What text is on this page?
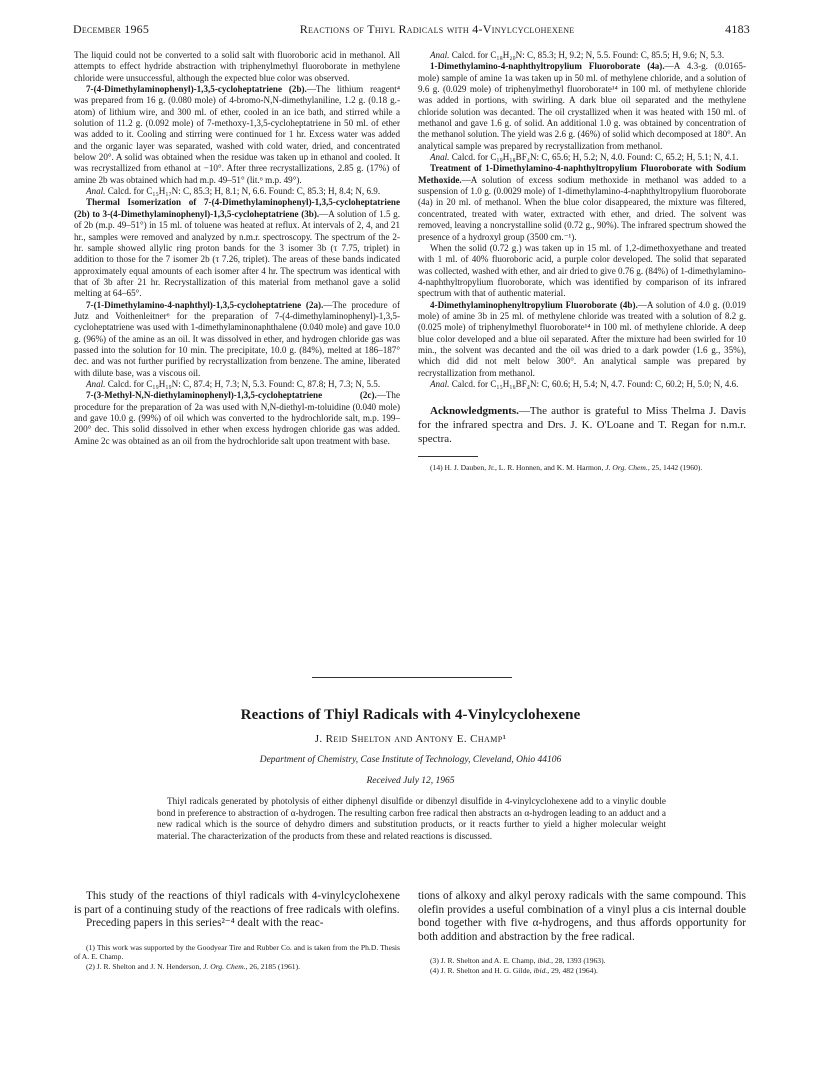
December 1965	Reactions of Thiyl Radicals with 4-Vinylcyclohexene	4183

The liquid could not be converted to a solid salt with fluoroboric acid in methanol. All attempts to effect hydride abstraction with triphenylmethyl fluoroborate in methylene chloride were unsuccessful, although the expected blue color was observed.

7-(4-Dimethylaminophenyl)-1,3,5-cycloheptatriene (2b).—The lithium reagent⁴ was prepared from 16 g. (0.080 mole) of 4-bromo-N,N-dimethylaniline, 1.2 g. (0.18 g.-atom) of lithium wire, and 300 ml. of ether, cooled in an ice bath, and stirred while a solution of 11.2 g. (0.092 mole) of 7-methoxy-1,3,5-cycloheptatriene in 50 ml. of ether was added to it. Cooling and stirring were continued for 1 hr. Excess water was added and the organic layer was separated, washed with cold water, dried, and concentrated below 20°. A solid was obtained when the residue was taken up in ethanol and cooled. It was recrystallized from ethanol at −10°. After three recrystallizations, 2.85 g. (17%) of amine 2b was obtained which had m.p. 49–51° (lit.⁶ m.p. 49°).

Anal. Calcd. for C₁₅H₁₇N: C, 85.3; H, 8.1; N, 6.6. Found: C, 85.3; H, 8.4; N, 6.9.

Thermal Isomerization of 7-(4-Dimethylaminophenyl)-1,3,5-cycloheptatriene (2b) to 3-(4-Dimethylaminophenyl)-1,3,5-cycloheptatriene (3b).—A solution of 1.5 g. of 2b (m.p. 49–51°) in 15 ml. of toluene was heated at reflux. At intervals of 2, 4, and 21 hr., samples were removed and analyzed by n.m.r. spectroscopy. The spectrum of the 2-hr. sample showed allylic ring proton bands for the 3 isomer 3b (τ 7.75, triplet) in addition to those for the 7 isomer 2b (τ 7.26, triplet). The areas of these bands indicated approximately equal amounts of each isomer after 4 hr. The spectrum was identical with that of 3b after 21 hr. Recrystallization of this material from methanol gave a solid melting at 64–65°.

7-(1-Dimethylamino-4-naphthyl)-1,3,5-cycloheptatriene (2a).—The procedure of Jutz and Voithenleitner⁶ for the preparation of 7-(4-dimethylaminophenyl)-1,3,5-cycloheptatriene was used with 1-dimethylaminonaphthalene (0.040 mole) and gave 10.0 g. (96%) of the amine as an oil. It was dissolved in ether, and hydrogen chloride gas was passed into the solution for 10 min. The precipitate, 10.0 g. (84%), melted at 186–187° dec. and was not further purified by recrystallization from benzene. The amine, liberated with dilute base, was a viscous oil.

Anal. Calcd. for C₁₉H₁₉N: C, 87.4; H, 7.3; N, 5.3. Found: C, 87.8; H, 7.3; N, 5.5.

7-(3-Methyl-N,N-diethylaminophenyl)-1,3,5-cycloheptatriene (2c).—The procedure for the preparation of 2a was used with N,N-diethyl-m-toluidine (0.040 mole) and gave 10.0 g. (99%) of oil which was converted to the hydrochloride salt, m.p. 199–200° dec. This solid dissolved in ether when excess hydrogen chloride gas was added. Amine 2c was obtained as an oil from the hydrochloride salt upon treatment with base.

Anal. Calcd. for C₁₈H₂₀N: C, 85.3; H, 9.2; N, 5.5. Found: C, 85.5; H, 9.6; N, 5.3.

1-Dimethylamino-4-naphthyltropylium Fluoroborate (4a).—A 4.3-g. (0.0165-mole) sample of amine 1a was taken up in 50 ml. of methylene chloride, and a solution of 9.6 g. (0.029 mole) of triphenylmethyl fluoroborate¹⁴ in 100 ml. of methylene chloride was added in portions, with swirling. A dark blue oil separated and the methylene chloride solution was decanted. The oil crystallized when it was heated with 150 ml. of methanol and gave 1.6 g. of solid. An additional 1.0 g. was obtained by concentration of the methanol solution. The yield was 2.6 g. (46%) of solid which decomposed at 180°. An analytical sample was prepared by recrystallization from methanol.

Anal. Calcd. for C₁₉H₁₈BF₄N: C, 65.6; H, 5.2; N, 4.0. Found: C, 65.2; H, 5.1; N, 4.1.

Treatment of 1-Dimethylamino-4-naphthyltropylium Fluoroborate with Sodium Methoxide.—A solution of excess sodium methoxide in methanol was added to a suspension of 1.0 g. (0.0029 mole) of 1-dimethylamino-4-naphthyltropylium fluoroborate (4a) in 20 ml. of methanol. When the blue color disappeared, the mixture was filtered, concentrated, treated with water, extracted with ether, and dried. The solvent was removed, leaving a noncrystalline solid (0.72 g., 90%). The infrared spectrum showed the presence of a hydroxyl group (3500 cm.⁻¹).

When the solid (0.72 g.) was taken up in 15 ml. of 1,2-dimethoxyethane and treated with 1 ml. of 40% fluoroboric acid, a purple color developed. The solid that separated was collected, washed with ether, and air dried to give 0.76 g. (84%) of 1-dimethylamino-4-naphthyltropylium fluoroborate, which was identified by comparison of its infrared spectrum with that of authentic material.

4-Dimethylaminophenyltropylium Fluoroborate (4b).—A solution of 4.0 g. (0.019 mole) of amine 3b in 25 ml. of methylene chloride was treated with a solution of 8.2 g. (0.025 mole) of triphenylmethyl fluoroborate¹⁴ in 100 ml. of methylene chloride. A deep blue color developed and a blue oil separated. After the mixture had been swirled for 10 min., the solvent was decanted and the oil was dried to a dark powder (1.6 g., 35%), which did did not melt below 300°. An analytical sample was prepared by recrystallization from methanol.

Anal. Calcd. for C₁₅H₁₆BF₄N: C, 60.6; H, 5.4; N, 4.7. Found: C, 60.2; H, 5.0; N, 4.6.

Acknowledgments.—The author is grateful to Miss Thelma J. Davis for the infrared spectra and Drs. J. K. O'Loane and T. Regan for n.m.r. spectra.

(14) H. J. Dauben, Jr., L. R. Honnen, and K. M. Harmon, J. Org. Chem., 25, 1442 (1960).

Reactions of Thiyl Radicals with 4-Vinylcyclohexene
J. Reid Shelton and Antony E. Champ¹
Department of Chemistry, Case Institute of Technology, Cleveland, Ohio 44106
Received July 12, 1965
Thiyl radicals generated by photolysis of either diphenyl disulfide or dibenzyl disulfide in 4-vinylcyclohexene add to a vinylic double bond in preference to abstraction of α-hydrogen. The resulting carbon free radical then abstracts an α-hydrogen leading to an adduct and a new radical which is the source of dehydro dimers and substitution products, or it reacts further to yield a higher molecular weight material. The characterization of the products from these and related reactions is discussed.

This study of the reactions of thiyl radicals with 4-vinylcyclohexene is part of a continuing study of the reactions of free radicals with olefins.

Preceding papers in this series²⁻⁴ dealt with the reac-

(1) This work was supported by the Goodyear Tire and Rubber Co. and is taken from the Ph.D. Thesis of A. E. Champ.

(2) J. R. Shelton and J. N. Henderson, J. Org. Chem., 26, 2185 (1961).

tions of alkoxy and alkyl peroxy radicals with the same compound. This olefin provides a useful combination of a vinyl plus a cis internal double bond together with five α-hydrogens, and thus affords opportunity for both addition and abstraction by the free radical.

(3) J. R. Shelton and A. E. Champ, ibid., 28, 1393 (1963).

(4) J. R. Shelton and H. G. Gilde, ibid., 29, 482 (1964).
